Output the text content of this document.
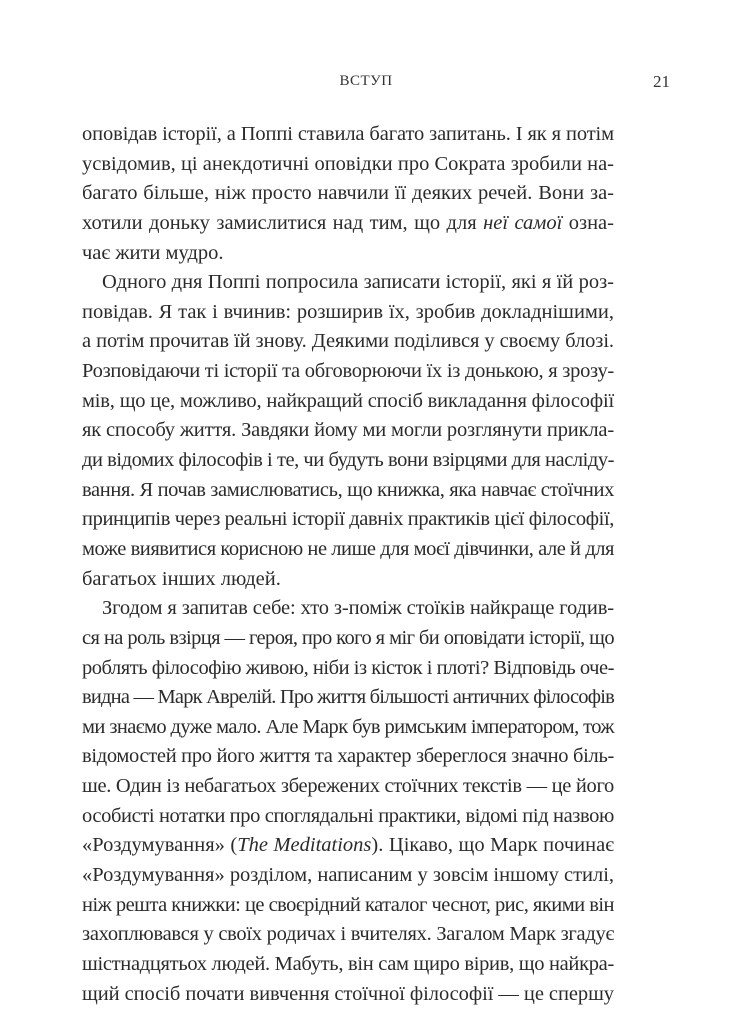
ВСТУП	21
оповідав історії, а Поппі ставила багато запитань. І як я потім
усвідомив, ці анекдотичні оповідки про Сократа зробили на-
багато більше, ніж просто навчили її деяких речей. Вони за-
хотили доньку замислитися над тим, що для неї самої озна-
чає жити мудро.
Одного дня Поппі попросила записати історії, які я їй роз-
повідав. Я так і вчинив: розширив їх, зробив докладнішими,
а потім прочитав їй знову. Деякими поділився у своєму блозі.
Розповідаючи ті історії та обговорюючи їх із донькою, я зрозу-
мів, що це, можливо, найкращий спосіб викладання філософії
як способу життя. Завдяки йому ми могли розглянути прикла-
ди відомих філософів і те, чи будуть вони взірцями для насліду-
вання. Я почав замислюватись, що книжка, яка навчає стоїчних
принципів через реальні історії давніх практиків цієї філософії,
може виявитися корисною не лише для моєї дівчинки, але й для
багатьох інших людей.
Згодом я запитав себе: хто з-поміж стоїків найкраще годив-
ся на роль взірця — героя, про кого я міг би оповідати історії, що
роблять філософію живою, ніби із кісток і плоті? Відповідь оче-
видна — Марк Аврелій. Про життя більшості античних філософів
ми знаємо дуже мало. Але Марк був римським імператором, тож
відомостей про його життя та характер збереглося значно біль-
ше. Один із небагатьох збережених стоїчних текстів — це його
особисті нотатки про споглядальні практики, відомі під назвою
«Роздумування» (The Meditations). Цікаво, що Марк починає
«Роздумування» розділом, написаним у зовсім іншому стилі,
ніж решта книжки: це своєрідний каталог чеснот, рис, якими він
захоплювався у своїх родичах і вчителях. Загалом Марк згадує
шістнадцятьох людей. Мабуть, він сам щиро вірив, що найкра-
щий спосіб почати вивчення стоїчної філософії — це спершу
